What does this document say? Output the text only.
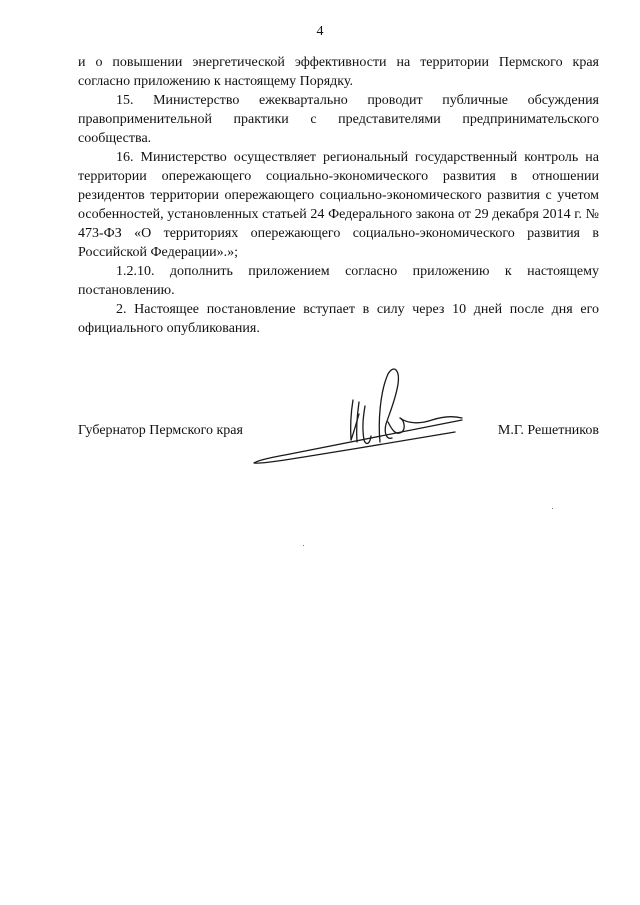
4

и о повышении энергетической эффективности на территории Пермского края согласно приложению к настоящему Порядку.

15. Министерство ежеквартально проводит публичные обсуждения правоприменительной практики с представителями предпринимательского сообщества.

16. Министерство осуществляет региональный государственный контроль на территории опережающего социально-экономического развития в отношении резидентов территории опережающего социально-экономического развития с учетом особенностей, установленных статьей 24 Федерального закона от 29 декабря 2014 г. № 473-ФЗ «О территориях опережающего социально-экономического развития в Российской Федерации».»;

1.2.10. дополнить приложением согласно приложению к настоящему постановлению.

2. Настоящее постановление вступает в силу через 10 дней после дня его официального опубликования.

Губернатор Пермского края	М.Г. Решетников
